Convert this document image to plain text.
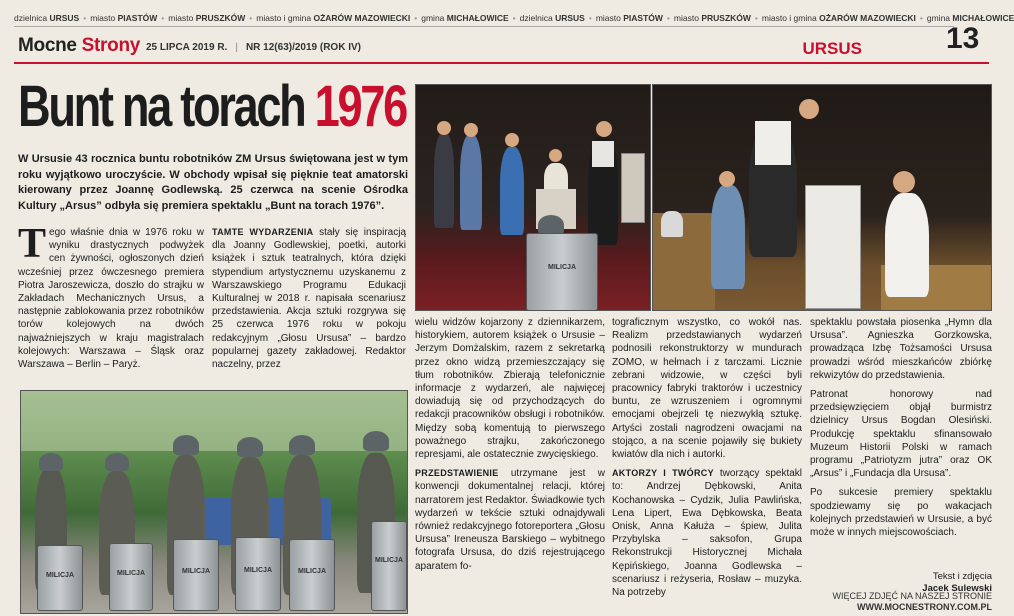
dzielnica URSUS • miasto PIASTÓW • miasto PRUSZKÓW • miasto i gmina OŻARÓW MAZOWIECKI • gmina MICHAŁOWICE • dzielnica URSUS • miasto PIASTÓW • miasto PRUSZKÓW • miasto i gmina OŻARÓW MAZOWIECKI • gmina MICHAŁOWICE
Mocne Strony 25 LIPCA 2019 R. | NR 12(63)/2019 (ROK IV)	URSUS	13
Bunt na torach 1976
W Ursusie 43 rocznica buntu robotników ZM Ursus świętowana jest w tym roku wyjątkowo uroczyście. W obchody wpisał się pięknie teat amatorski kierowany przez Joannę Godlewską. 25 czerwca na scenie Ośrodka Kultury „Arsus” odbyła się premiera spektaklu „Bunt na torach 1976”.
Tego właśnie dnia w 1976 roku w wyniku drastycznych podwyżek cen żywności, ogłoszonych dzień wcześniej przez ówczesnego premiera Piotra Jaroszewicza, doszło do strajku w Zakładach Mechanicznych Ursus, a następnie zablokowania przez robotników torów kolejowych na dwóch najważniejszych w kraju magistralach kolejowych: Warszawa – Śląsk oraz Warszawa – Berlin – Paryż.
TAMTE WYDARZENIA stały się inspiracją dla Joanny Godlewskiej, poetki, autorki książek i sztuk teatralnych, która dzięki stypendium artystycznemu uzyskanemu z Warszawskiego Programu Edukacji Kulturalnej w 2018 r. napisała scenariusz przedstawienia. Akcja sztuki rozgrywa się 25 czerwca 1976 roku w pokoju redakcyjnym „Głosu Ursusa” – bardzo popularnej gazety zakładowej. Redaktor naczelny, przez

wielu widzów kojarzony z dziennikarzem, historykiem, autorem książek o Ursusie – Jerzym Domżalskim, razem z sekretarką przez okno widzą przemieszczający się tłum robotników. Zbierają telefonicznie informacje z wydarzeń, ale najwięcej dowiadują się od przychodzących do redakcji pracowników obsługi i robotników. Między sobą komentują to pierwszego poważnego strajku, zakończonego represjami, ale ostatecznie zwycięskiego.

PRZEDSTAWIENIE utrzymane jest w konwencji dokumentalnej relacji, której narratorem jest Redaktor. Świadkowie tych wydarzeń w tekście sztuki odnajdywali również redakcyjnego fotoreportera „Głosu Ursusa” Ireneusza Barskiego – wybitnego fotografa Ursusa, do dziś rejestrującego aparatem fo-

tograficznym wszystko, co wokół nas. Realizm przedstawianych wydarzeń podnosili rekonstruktorzy w mundurach ZOMO, w hełmach i z tarczami. Licznie zebrani widzowie, w części byli pracownicy fabryki traktorów i uczestnicy buntu, ze wzruszeniem i ogromnymi emocjami obejrzeli tę niezwykłą sztukę. Artyści zostali nagrodzeni owacjami na stojąco, a na scenie pojawiły się bukiety kwiatów dla nich i autorki.

AKTORZY I TWÓRCY tworzący spektakl to: Andrzej Dębkowski, Anita Kochanowska – Cydzik, Julia Pawlińska, Lena Lipert, Ewa Dębkowska, Beata Onisk, Anna Kałuża – śpiew, Julita Przybylska – saksofon, Grupa Rekonstrukcji Historycznej Michała Kępińskiego, Joanna Godlewska – scenariusz i reżyseria, Rosław – muzyka. Na potrzeby

spektaklu powstała piosenka „Hymn dla Ursusa”. Agnieszka Gorzkowska, prowadząca Izbę Tożsamości Ursusa prowadzi wśród mieszkańców zbiórkę rekwizytów do przedstawienia.

Patronat honorowy nad przedsięwzięciem objął burmistrz dzielnicy Ursus Bogdan Olesiński. Produkcję spektaklu sfinansowało Muzeum Historii Polski w ramach programu „Patriotyzm jutra” oraz OK „Arsus” i „Fundacja dla Ursusa”.

Po sukcesie premiery spektaklu spodziewamy się po wakacjach kolejnych przedstawień w Ursusie, a być może w innych miejscowościach.

Tekst i zdjęcia
Jacek Sulewski
WIĘCEJ ZDJĘĆ NA NASZEJ STRONIE
WWW.MOCNESTRONY.COM.PL
MILICJA
MILICJA	MILICJA	MILICJA	MILICJA	MILICJA
MILICJA
